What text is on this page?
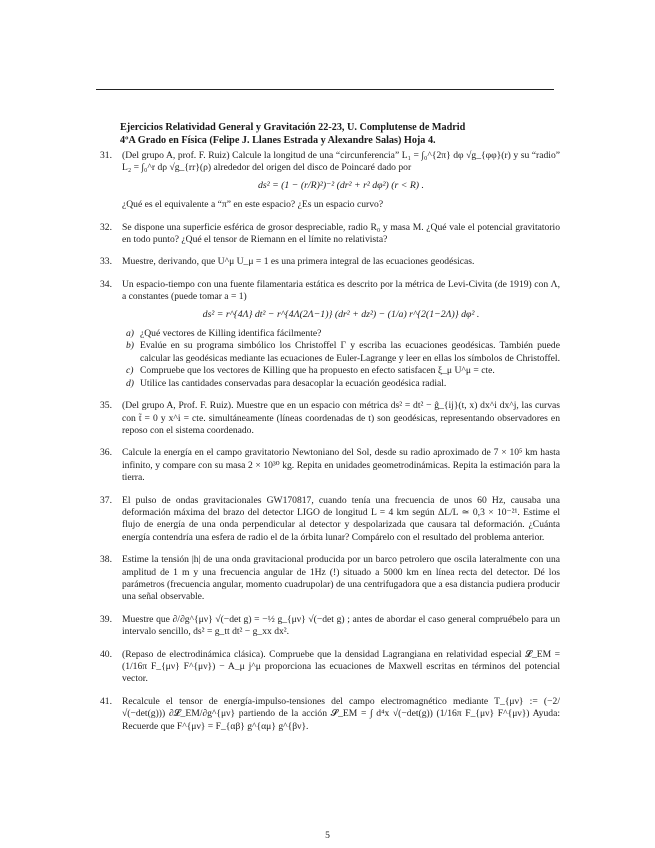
Ejercicios Relatividad General y Gravitación 22-23, U. Complutense de Madrid
4ºA Grado en Física (Felipe J. Llanes Estrada y Alexandre Salas) Hoja 4.
31.	(Del grupo A, prof. F. Ruiz) Calcule la longitud de una “circunferencia” L₁ = ∫₀^{2π} dφ √g_{φφ}(r) y su “radio” L₂ = ∫₀^r dρ √g_{rr}(ρ) alrededor del origen del disco de Poincaré dado por
ds² = (1 − (r/R)²)⁻² (dr² + r² dφ²) (r < R) .
¿Qué es el equivalente a “π” en este espacio? ¿Es un espacio curvo?
32.	Se dispone una superficie esférica de grosor despreciable, radio R₀ y masa M. ¿Qué vale el potencial gravitatorio en todo punto? ¿Qué el tensor de Riemann en el límite no relativista?
33.	Muestre, derivando, que U^μ U_μ = 1 es una primera integral de las ecuaciones geodésicas.
34.	Un espacio-tiempo con una fuente filamentaria estática es descrito por la métrica de Levi-Civita (de 1919) con Λ, a constantes (puede tomar a = 1)
ds² = r^{4Λ} dt² − r^{4Λ(2Λ−1)} (dr² + dz²) − (1/a) r^{2(1−2Λ)} dφ² .
a) ¿Qué vectores de Killing identifica fácilmente?
b) Evalúe en su programa simbólico los Christoffel Γ y escriba las ecuaciones geodésicas. También puede calcular las geodésicas mediante las ecuaciones de Euler-Lagrange y leer en ellas los símbolos de Christoffel.
c) Compruebe que los vectores de Killing que ha propuesto en efecto satisfacen ξ_μ U^μ = cte.
d) Utilice las cantidades conservadas para desacoplar la ecuación geodésica radial.
35.	(Del grupo A, Prof. F. Ruiz). Muestre que en un espacio con métrica ds² = dt² − ĝ_{ij}(t, x) dx^i dx^j, las curvas con t̃ = 0 y x^i = cte. simultáneamente (líneas coordenadas de t) son geodésicas, representando observadores en reposo con el sistema coordenado.
36.	Calcule la energía en el campo gravitatorio Newtoniano del Sol, desde su radio aproximado de 7 × 10⁵ km hasta infinito, y compare con su masa 2 × 10³⁰ kg. Repita en unidades geometrodinámicas. Repita la estimación para la tierra.
37.	El pulso de ondas gravitacionales GW170817, cuando tenía una frecuencia de unos 60 Hz, causaba una deformación máxima del brazo del detector LIGO de longitud L = 4 km según ΔL/L ≃ 0,3 × 10⁻²¹. Estime el flujo de energía de una onda perpendicular al detector y despolarizada que causara tal deformación. ¿Cuánta energía contendría una esfera de radio el de la órbita lunar? Compárelo con el resultado del problema anterior.
38.	Estime la tensión |h| de una onda gravitacional producida por un barco petrolero que oscila lateralmente con una amplitud de 1 m y una frecuencia angular de 1Hz (!) situado a 5000 km en línea recta del detector. Dé los parámetros (frecuencia angular, momento cuadrupolar) de una centrifugadora que a esa distancia pudiera producir una señal observable.
39.	Muestre que ∂/∂g^{μν} √(−det g) = −½ g_{μν} √(−det g) ; antes de abordar el caso general compruébelo para un intervalo sencillo, ds² = g_tt dt² − g_xx dx².
40.	(Repaso de electrodinámica clásica). Compruebe que la densidad Lagrangiana en relatividad especial 𝓛_EM = (1/16π F_{μν} F^{μν}) − A_μ j^μ proporciona las ecuaciones de Maxwell escritas en términos del potencial vector.
41.	Recalcule el tensor de energía-impulso-tensiones del campo electromagnético mediante T_{μν} := (−2/√(−det(g))) ∂𝓛_EM/∂g^{μν} partiendo de la acción 𝓢_EM = ∫ d⁴x √(−det(g)) (1/16π F_{μν} F^{μν}) Ayuda: Recuerde que F^{μν} = F_{αβ} g^{αμ} g^{βν}.
5
